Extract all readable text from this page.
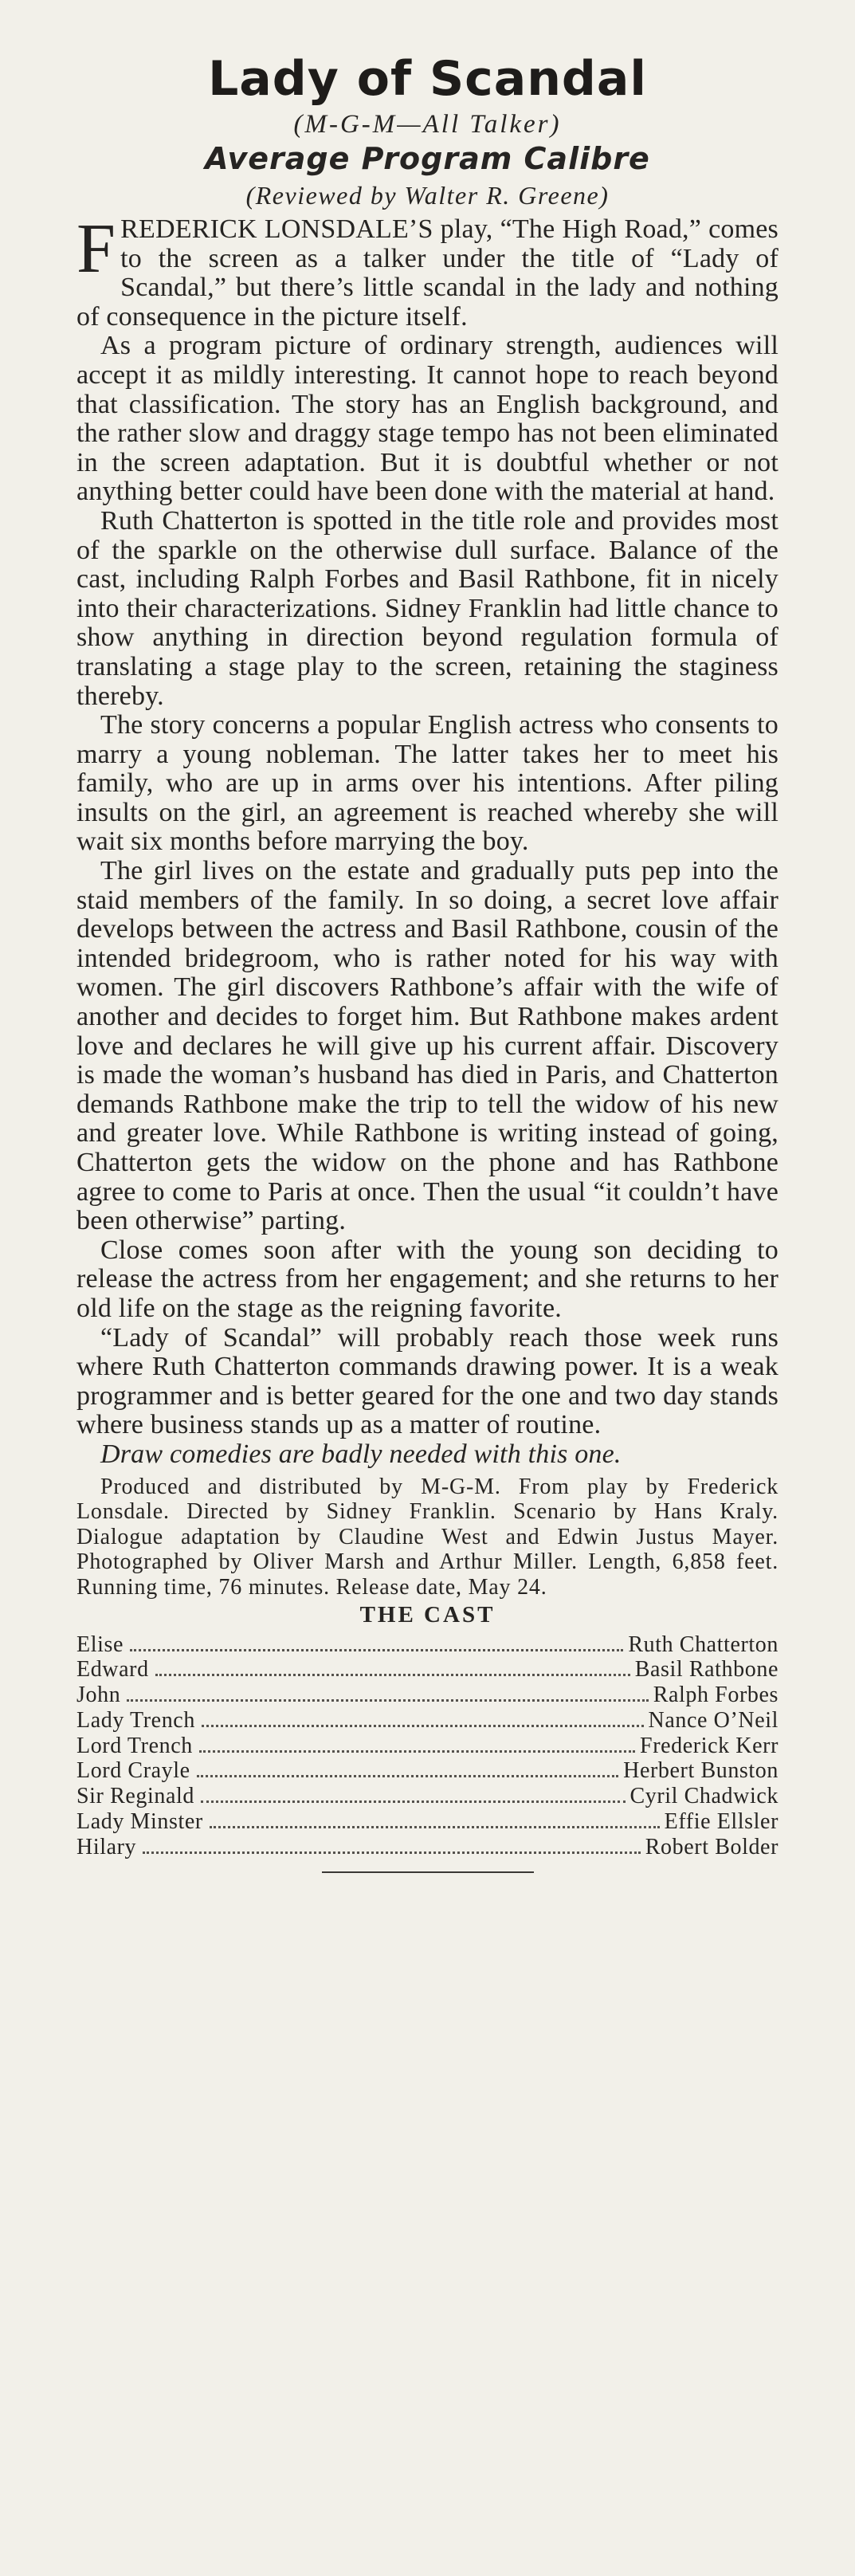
Lady of Scandal

(M-G-M—All Talker)

Average Program Calibre

(Reviewed by Walter R. Greene)

FREDERICK LONSDALE’S play, “The High Road,” comes to the screen as a talker under the title of “Lady of Scandal,” but there’s little scandal in the lady and nothing of consequence in the picture itself.

As a program picture of ordinary strength, audiences will accept it as mildly interesting. It cannot hope to reach beyond that classification. The story has an English background, and the rather slow and draggy stage tempo has not been eliminated in the screen adaptation. But it is doubtful whether or not anything better could have been done with the material at hand.

Ruth Chatterton is spotted in the title role and provides most of the sparkle on the otherwise dull surface. Balance of the cast, including Ralph Forbes and Basil Rathbone, fit in nicely into their characterizations. Sidney Franklin had little chance to show anything in direction beyond regulation formula of translating a stage play to the screen, retaining the staginess thereby.

The story concerns a popular English actress who consents to marry a young nobleman. The latter takes her to meet his family, who are up in arms over his intentions. After piling insults on the girl, an agreement is reached whereby she will wait six months before marrying the boy.

The girl lives on the estate and gradually puts pep into the staid members of the family. In so doing, a secret love affair develops between the actress and Basil Rathbone, cousin of the intended bridegroom, who is rather noted for his way with women. The girl discovers Rathbone’s affair with the wife of another and decides to forget him. But Rathbone makes ardent love and declares he will give up his current affair. Discovery is made the woman’s husband has died in Paris, and Chatterton demands Rathbone make the trip to tell the widow of his new and greater love. While Rathbone is writing instead of going, Chatterton gets the widow on the phone and has Rathbone agree to come to Paris at once. Then the usual “it couldn’t have been otherwise” parting.

Close comes soon after with the young son deciding to release the actress from her engagement; and she returns to her old life on the stage as the reigning favorite.

“Lady of Scandal” will probably reach those week runs where Ruth Chatterton commands drawing power. It is a weak programmer and is better geared for the one and two day stands where business stands up as a matter of routine.

Draw comedies are badly needed with this one.

Produced and distributed by M-G-M. From play by Frederick Lonsdale. Directed by Sidney Franklin. Scenario by Hans Kraly. Dialogue adaptation by Claudine West and Edwin Justus Mayer. Photographed by Oliver Marsh and Arthur Miller. Length, 6,858 feet. Running time, 76 minutes. Release date, May 24.

THE CAST
Elise	Ruth Chatterton
Edward	Basil Rathbone
John	Ralph Forbes
Lady Trench	Nance O’Neil
Lord Trench	Frederick Kerr
Lord Crayle	Herbert Bunston
Sir Reginald	Cyril Chadwick
Lady Minster	Effie Ellsler
Hilary	Robert Bolder
